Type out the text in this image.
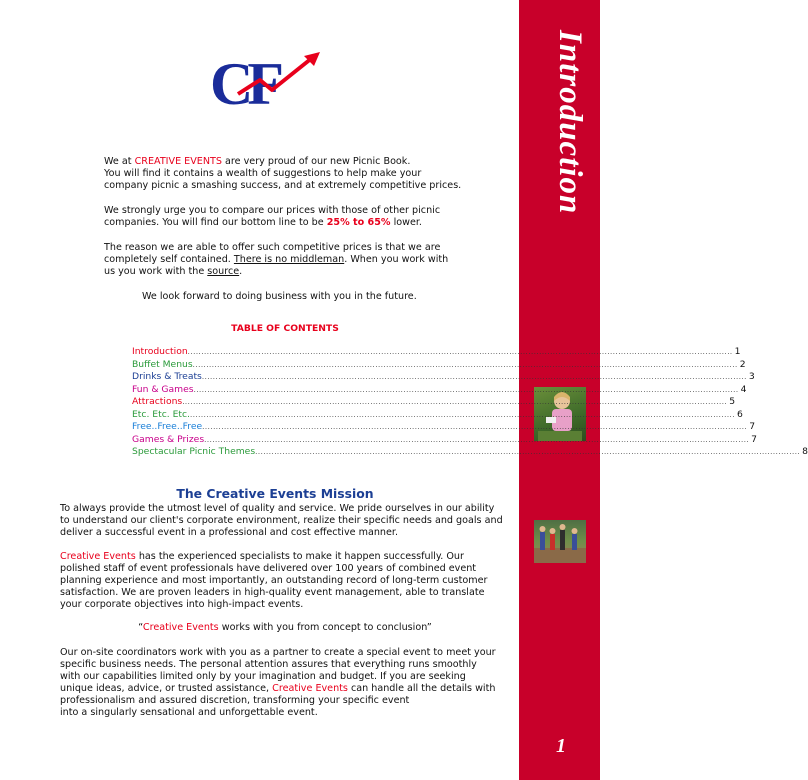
CF	Introduction
1

We at CREATIVE EVENTS are very proud of our new Picnic Book.
You will find it contains a wealth of suggestions to help make your
company picnic a smashing success, and at extremely competitive prices.

We strongly urge you to compare our prices with those of other picnic
companies. You will find our bottom line to be 25% to 65% lower.

The reason we are able to offer such competitive prices is that we are
completely self contained. There is no middleman. When you work with
us you work with the source.

We look forward to doing business with you in the future.

TABLE OF CONTENTS
Introduction ........................................................................................................................................................................................................ 1
Buffet Menus ........................................................................................................................................................................................................ 2
Drinks & Treats ........................................................................................................................................................................................................ 3
Fun & Games ........................................................................................................................................................................................................ 4
Attractions ........................................................................................................................................................................................................ 5
Etc. Etc. Etc. ........................................................................................................................................................................................................ 6
Free..Free..Free ........................................................................................................................................................................................................ 7
Games & Prizes ........................................................................................................................................................................................................ 7
Spectacular Picnic Themes ........................................................................................................................................................................................................ 8
The Creative Events Mission

To always provide the utmost level of quality and service. We pride ourselves in our ability
to understand our client's corporate environment, realize their specific needs and goals and
deliver a successful event in a professional and cost effective manner.

Creative Events has the experienced specialists to make it happen successfully. Our
polished staff of event professionals have delivered over 100 years of combined event
planning experience and most importantly, an outstanding record of long-term customer
satisfaction. We are proven leaders in high-quality event management, able to translate
your corporate objectives into high-impact events.

“Creative Events works with you from concept to conclusion”

Our on-site coordinators work with you as a partner to create a special event to meet your
specific business needs. The personal attention assures that everything runs smoothly
with our capabilities limited only by your imagination and budget. If you are seeking
unique ideas, advice, or trusted assistance, Creative Events can handle all the details with
professionalism and assured discretion, transforming your specific event
into a singularly sensational and unforgettable event.
